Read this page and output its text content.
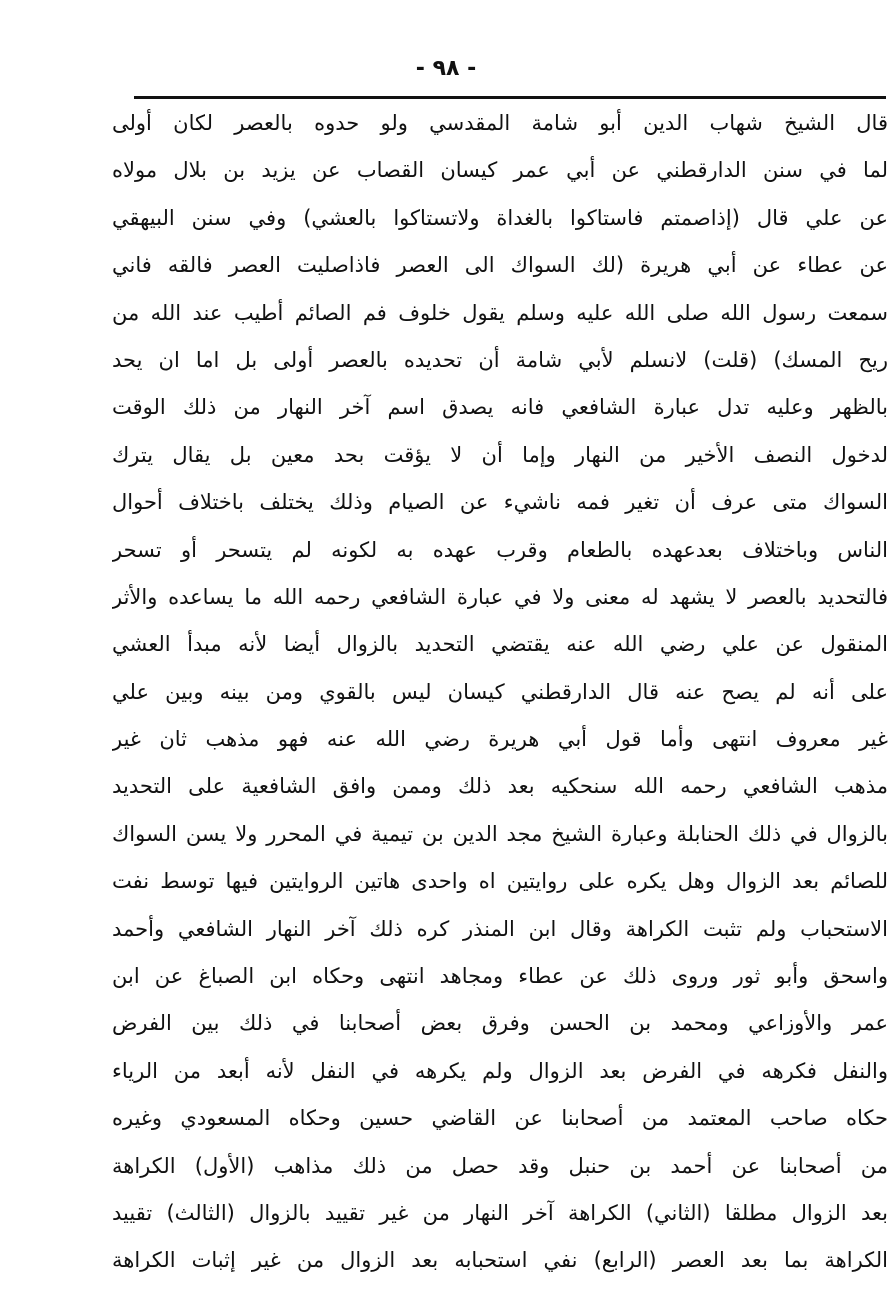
- ٩٨ -
قال الشيخ شهاب الدين أبو شامة المقدسي ولو حدوه بالعصر لكان أولى
لما في سنن الدارقطني عن أبي عمر كيسان القصاب عن يزيد بن بلال مولاه
عن علي قال (إذاصمتم فاستاكوا بالغداة ولاتستاكوا بالعشي) وفي سنن البيهقي
عن عطاء عن أبي هريرة (لك السواك الى العصر فاذاصليت العصر فالقه فاني
سمعت رسول الله صلى الله عليه وسلم يقول خلوف فم الصائم أطيب عند الله من
ريح المسك) (قلت) لانسلم لأبي شامة أن تحديده بالعصر أولى بل اما ان يحد
بالظهر وعليه تدل عبارة الشافعي فانه يصدق اسم آخر النهار من ذلك الوقت
لدخول النصف الأخير من النهار وإما أن لا يؤقت بحد معين بل يقال يترك
السواك متى عرف أن تغير فمه ناشيء عن الصيام وذلك يختلف باختلاف أحوال
الناس وباختلاف بعدعهده بالطعام وقرب عهده به لكونه لم يتسحر أو تسحر
فالتحديد بالعصر لا يشهد له معنى ولا في عبارة الشافعي رحمه الله ما يساعده والأثر
المنقول عن علي رضي الله عنه يقتضي التحديد بالزوال أيضا لأنه مبدأ العشي
على أنه لم يصح عنه قال الدارقطني كيسان ليس بالقوي ومن بينه وبين علي
غير معروف انتهى وأما قول أبي هريرة رضي الله عنه فهو مذهب ثان غير
مذهب الشافعي رحمه الله سنحكيه بعد ذلك وممن وافق الشافعية على التحديد
بالزوال في ذلك الحنابلة وعبارة الشيخ مجد الدين بن تيمية في المحرر ولا يسن السواك
للصائم بعد الزوال وهل يكره على روايتين اه واحدى هاتين الروايتين فيها توسط نفت
الاستحباب ولم تثبت الكراهة وقال ابن المنذر كره ذلك آخر النهار الشافعي وأحمد
واسحق وأبو ثور وروى ذلك عن عطاء ومجاهد انتهى وحكاه ابن الصباغ عن ابن
عمر والأوزاعي ومحمد بن الحسن وفرق بعض أصحابنا في ذلك بين الفرض
والنفل فكرهه في الفرض بعد الزوال ولم يكرهه في النفل لأنه أبعد من الرياء
حكاه صاحب المعتمد من أصحابنا عن القاضي حسين وحكاه المسعودي وغيره
من أصحابنا عن أحمد بن حنبل وقد حصل من ذلك مذاهب (الأول) الكراهة
بعد الزوال مطلقا (الثاني) الكراهة آخر النهار من غير تقييد بالزوال (الثالث) تقييد
الكراهة بما بعد العصر (الرابع) نفي استحبابه بعد الزوال من غير إثبات الكراهة
